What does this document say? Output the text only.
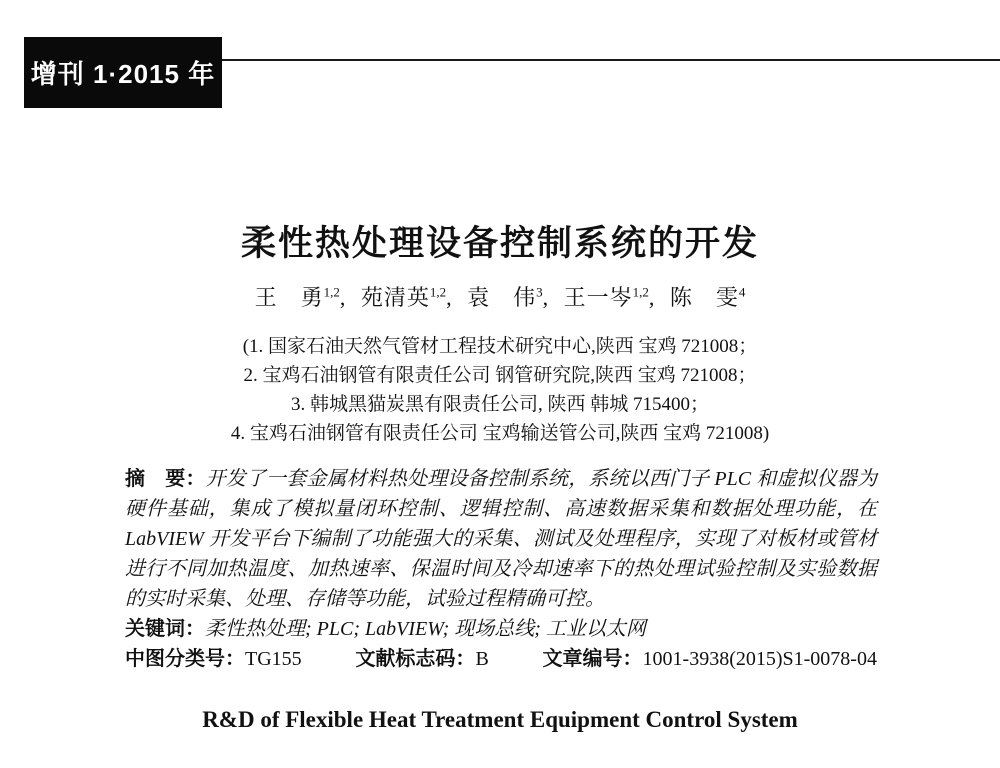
增刊 1·2015 年
柔性热处理设备控制系统的开发
王　勇$^{1,2}$, 苑清英$^{1,2}$, 袁　伟$^3$, 王一岑$^{1,2}$, 陈　雯$^4$
(1. 国家石油天然气管材工程技术研究中心,陕西 宝鸡 721008；
2. 宝鸡石油钢管有限责任公司 钢管研究院,陕西 宝鸡 721008；
3. 韩城黑猫炭黑有限责任公司, 陕西 韩城 715400；
4. 宝鸡石油钢管有限责任公司 宝鸡输送管公司,陕西 宝鸡 721008)

摘　要：开发了一套金属材料热处理设备控制系统，系统以西门子 PLC 和虚拟仪器为硬件基础，集成了模拟量闭环控制、逻辑控制、高速数据采集和数据处理功能，在 LabVIEW 开发平台下编制了功能强大的采集、测试及处理程序，实现了对板材或管材进行不同加热温度、加热速率、保温时间及冷却速率下的热处理试验控制及实验数据的实时采集、处理、存储等功能，试验过程精确可控。

关键词：柔性热处理; PLC; LabVIEW; 现场总线; 工业以太网
中图分类号：TG155	文献标志码：B	文章编号：1001-3938(2015)S1-0078-04
R&D of Flexible Heat Treatment Equipment Control System
